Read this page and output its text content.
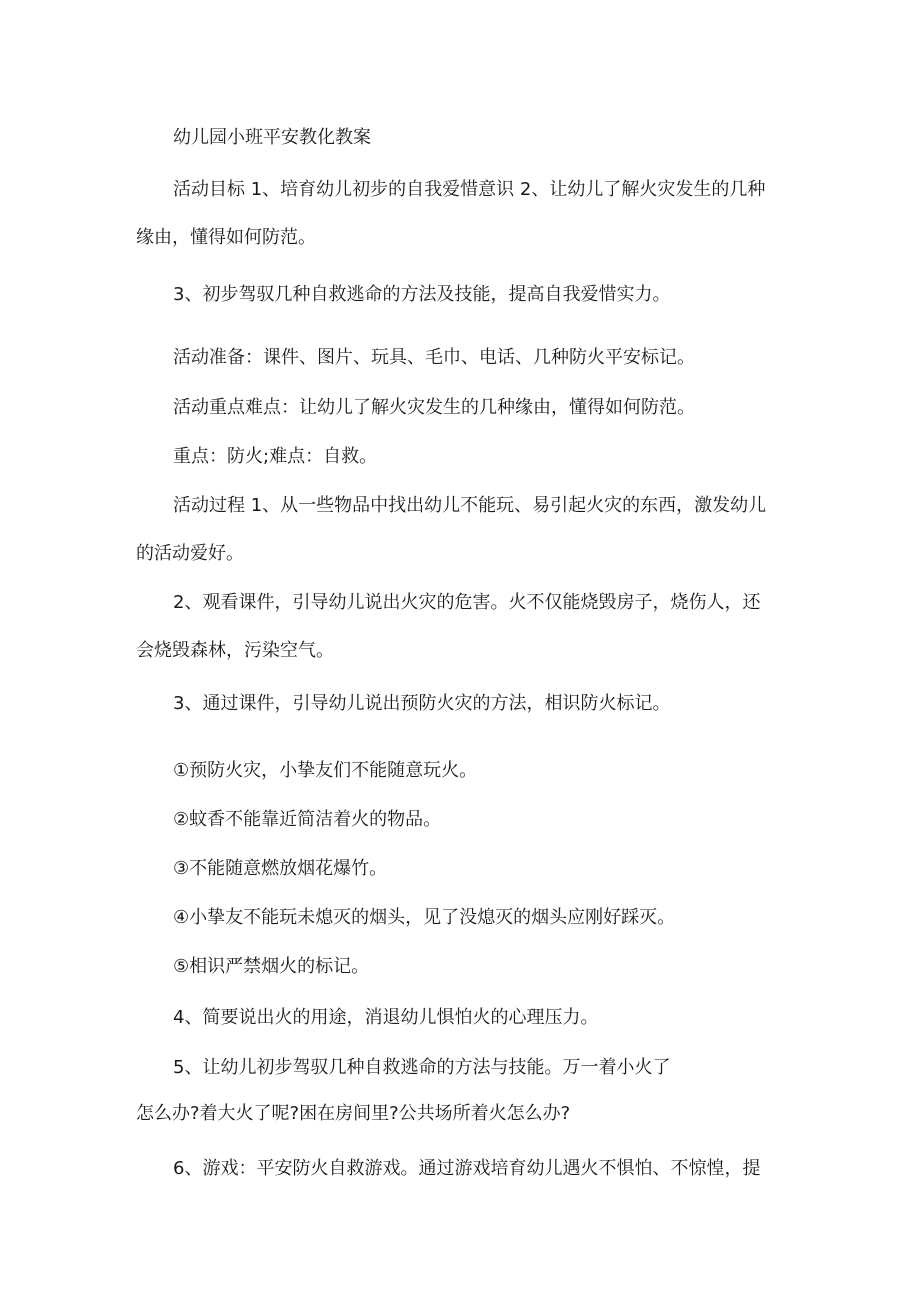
幼儿园小班平安教化教案
活动目标 1、培育幼儿初步的自我爱惜意识 2、让幼儿了解火灾发生的几种
缘由，懂得如何防范。
3、初步驾驭几种自救逃命的方法及技能，提高自我爱惜实力。
活动准备：课件、图片、玩具、毛巾、电话、几种防火平安标记。
活动重点难点：让幼儿了解火灾发生的几种缘由，懂得如何防范。
重点：防火;难点：自救。
活动过程 1、从一些物品中找出幼儿不能玩、易引起火灾的东西，激发幼儿
的活动爱好。
2、观看课件，引导幼儿说出火灾的危害。火不仅能烧毁房子，烧伤人，还
会烧毁森林，污染空气。
3、通过课件，引导幼儿说出预防火灾的方法，相识防火标记。
①预防火灾，小挚友们不能随意玩火。
②蚊香不能靠近简洁着火的物品。
③不能随意燃放烟花爆竹。
④小挚友不能玩未熄灭的烟头，见了没熄灭的烟头应刚好踩灭。
⑤相识严禁烟火的标记。
4、简要说出火的用途，消退幼儿惧怕火的心理压力。
5、让幼儿初步驾驭几种自救逃命的方法与技能。万一着小火了
怎么办?着大火了呢?困在房间里?公共场所着火怎么办?
6、游戏：平安防火自救游戏。通过游戏培育幼儿遇火不惧怕、不惊惶，提
